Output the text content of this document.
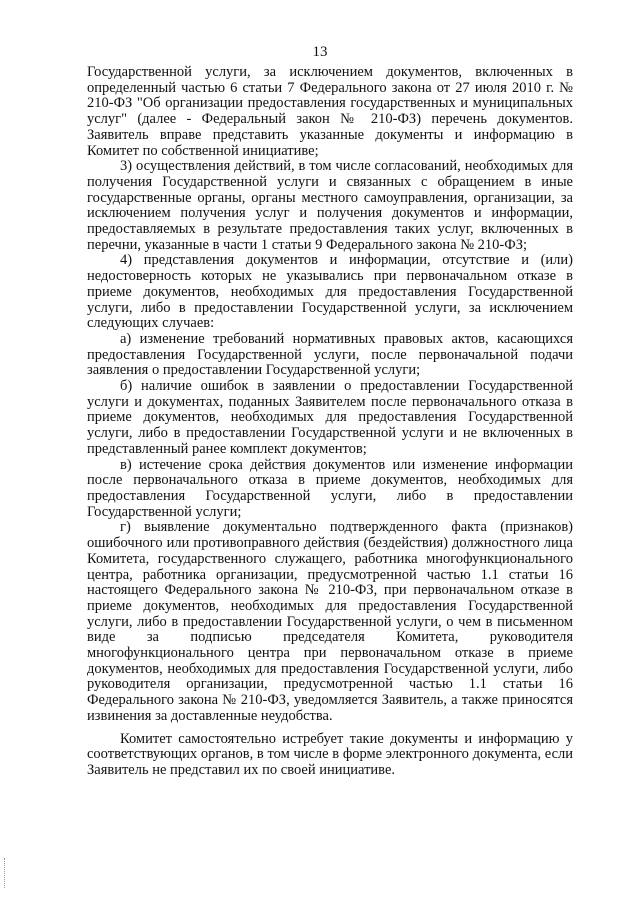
13

Государственной услуги, за исключением документов, включенных в определенный частью 6 статьи 7 Федерального закона от 27 июля 2010 г. № 210-ФЗ "Об организации предоставления государственных и муниципальных услуг" (далее - Федеральный закон № 210-ФЗ) перечень документов. Заявитель вправе представить указанные документы и информацию в Комитет по собственной инициативе;

3) осуществления действий, в том числе согласований, необходимых для получения Государственной услуги и связанных с обращением в иные государственные органы, органы местного самоуправления, организации, за исключением получения услуг и получения документов и информации, предоставляемых в результате предоставления таких услуг, включенных в перечни, указанные в части 1 статьи 9 Федерального закона № 210-ФЗ;

4) представления документов и информации, отсутствие и (или) недостоверность которых не указывались при первоначальном отказе в приеме документов, необходимых для предоставления Государственной услуги, либо в предоставлении Государственной услуги, за исключением следующих случаев:

а) изменение требований нормативных правовых актов, касающихся предоставления Государственной услуги, после первоначальной подачи заявления о предоставлении Государственной услуги;

б) наличие ошибок в заявлении о предоставлении Государственной услуги и документах, поданных Заявителем после первоначального отказа в приеме документов, необходимых для предоставления Государственной услуги, либо в предоставлении Государственной услуги и не включенных в представленный ранее комплект документов;

в) истечение срока действия документов или изменение информации после первоначального отказа в приеме документов, необходимых для предоставления Государственной услуги, либо в предоставлении Государственной услуги;

г) выявление документально подтвержденного факта (признаков) ошибочного или противоправного действия (бездействия) должностного лица Комитета, государственного служащего, работника многофункционального центра, работника организации, предусмотренной частью 1.1 статьи 16 настоящего Федерального закона № 210-ФЗ, при первоначальном отказе в приеме документов, необходимых для предоставления Государственной услуги, либо в предоставлении Государственной услуги, о чем в письменном виде за подписью председателя Комитета, руководителя многофункционального центра при первоначальном отказе в приеме документов, необходимых для предоставления Государственной услуги, либо руководителя организации, предусмотренной частью 1.1 статьи 16 Федерального закона № 210-ФЗ, уведомляется Заявитель, а также приносятся извинения за доставленные неудобства.

Комитет самостоятельно истребует такие документы и информацию у соответствующих органов, в том числе в форме электронного документа, если Заявитель не представил их по своей инициативе.
